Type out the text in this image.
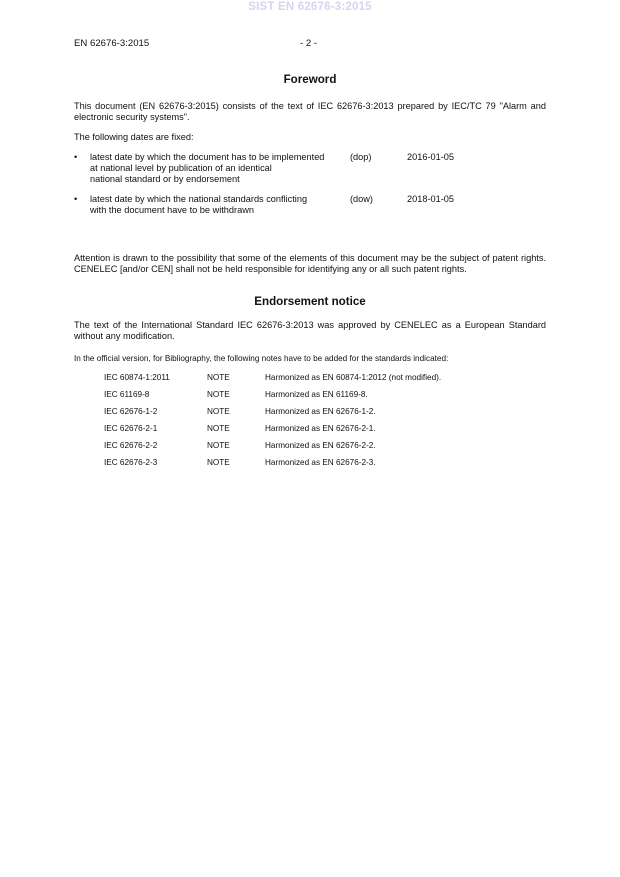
SIST EN 62676-3:2015
EN 62676-3:2015	- 2 -
Foreword

This document (EN 62676-3:2015) consists of the text of IEC 62676-3:2013 prepared by IEC/TC 79 "Alarm and electronic security systems".

The following dates are fixed:

• latest date by which the document has to be implemented
at national level by publication of an identical
national standard or by endorsement
(dop)	2016-01-05
• latest date by which the national standards conflicting
with the document have to be withdrawn
(dow)	2018-01-05

Attention is drawn to the possibility that some of the elements of this document may be the subject of patent rights. CENELEC [and/or CEN] shall not be held responsible for identifying any or all such patent rights.

Endorsement notice

The text of the International Standard IEC 62676-3:2013 was approved by CENELEC as a European Standard without any modification.

In the official version, for Bibliography, the following notes have to be added for the standards indicated:

IEC 60874-1:2011	NOTE	Harmonized as EN 60874-1:2012 (not modified).
IEC 61169-8	NOTE	Harmonized as EN 61169-8.
IEC 62676-1-2	NOTE	Harmonized as EN 62676-1-2.
IEC 62676-2-1	NOTE	Harmonized as EN 62676-2-1.
IEC 62676-2-2	NOTE	Harmonized as EN 62676-2-2.
IEC 62676-2-3	NOTE	Harmonized as EN 62676-2-3.
